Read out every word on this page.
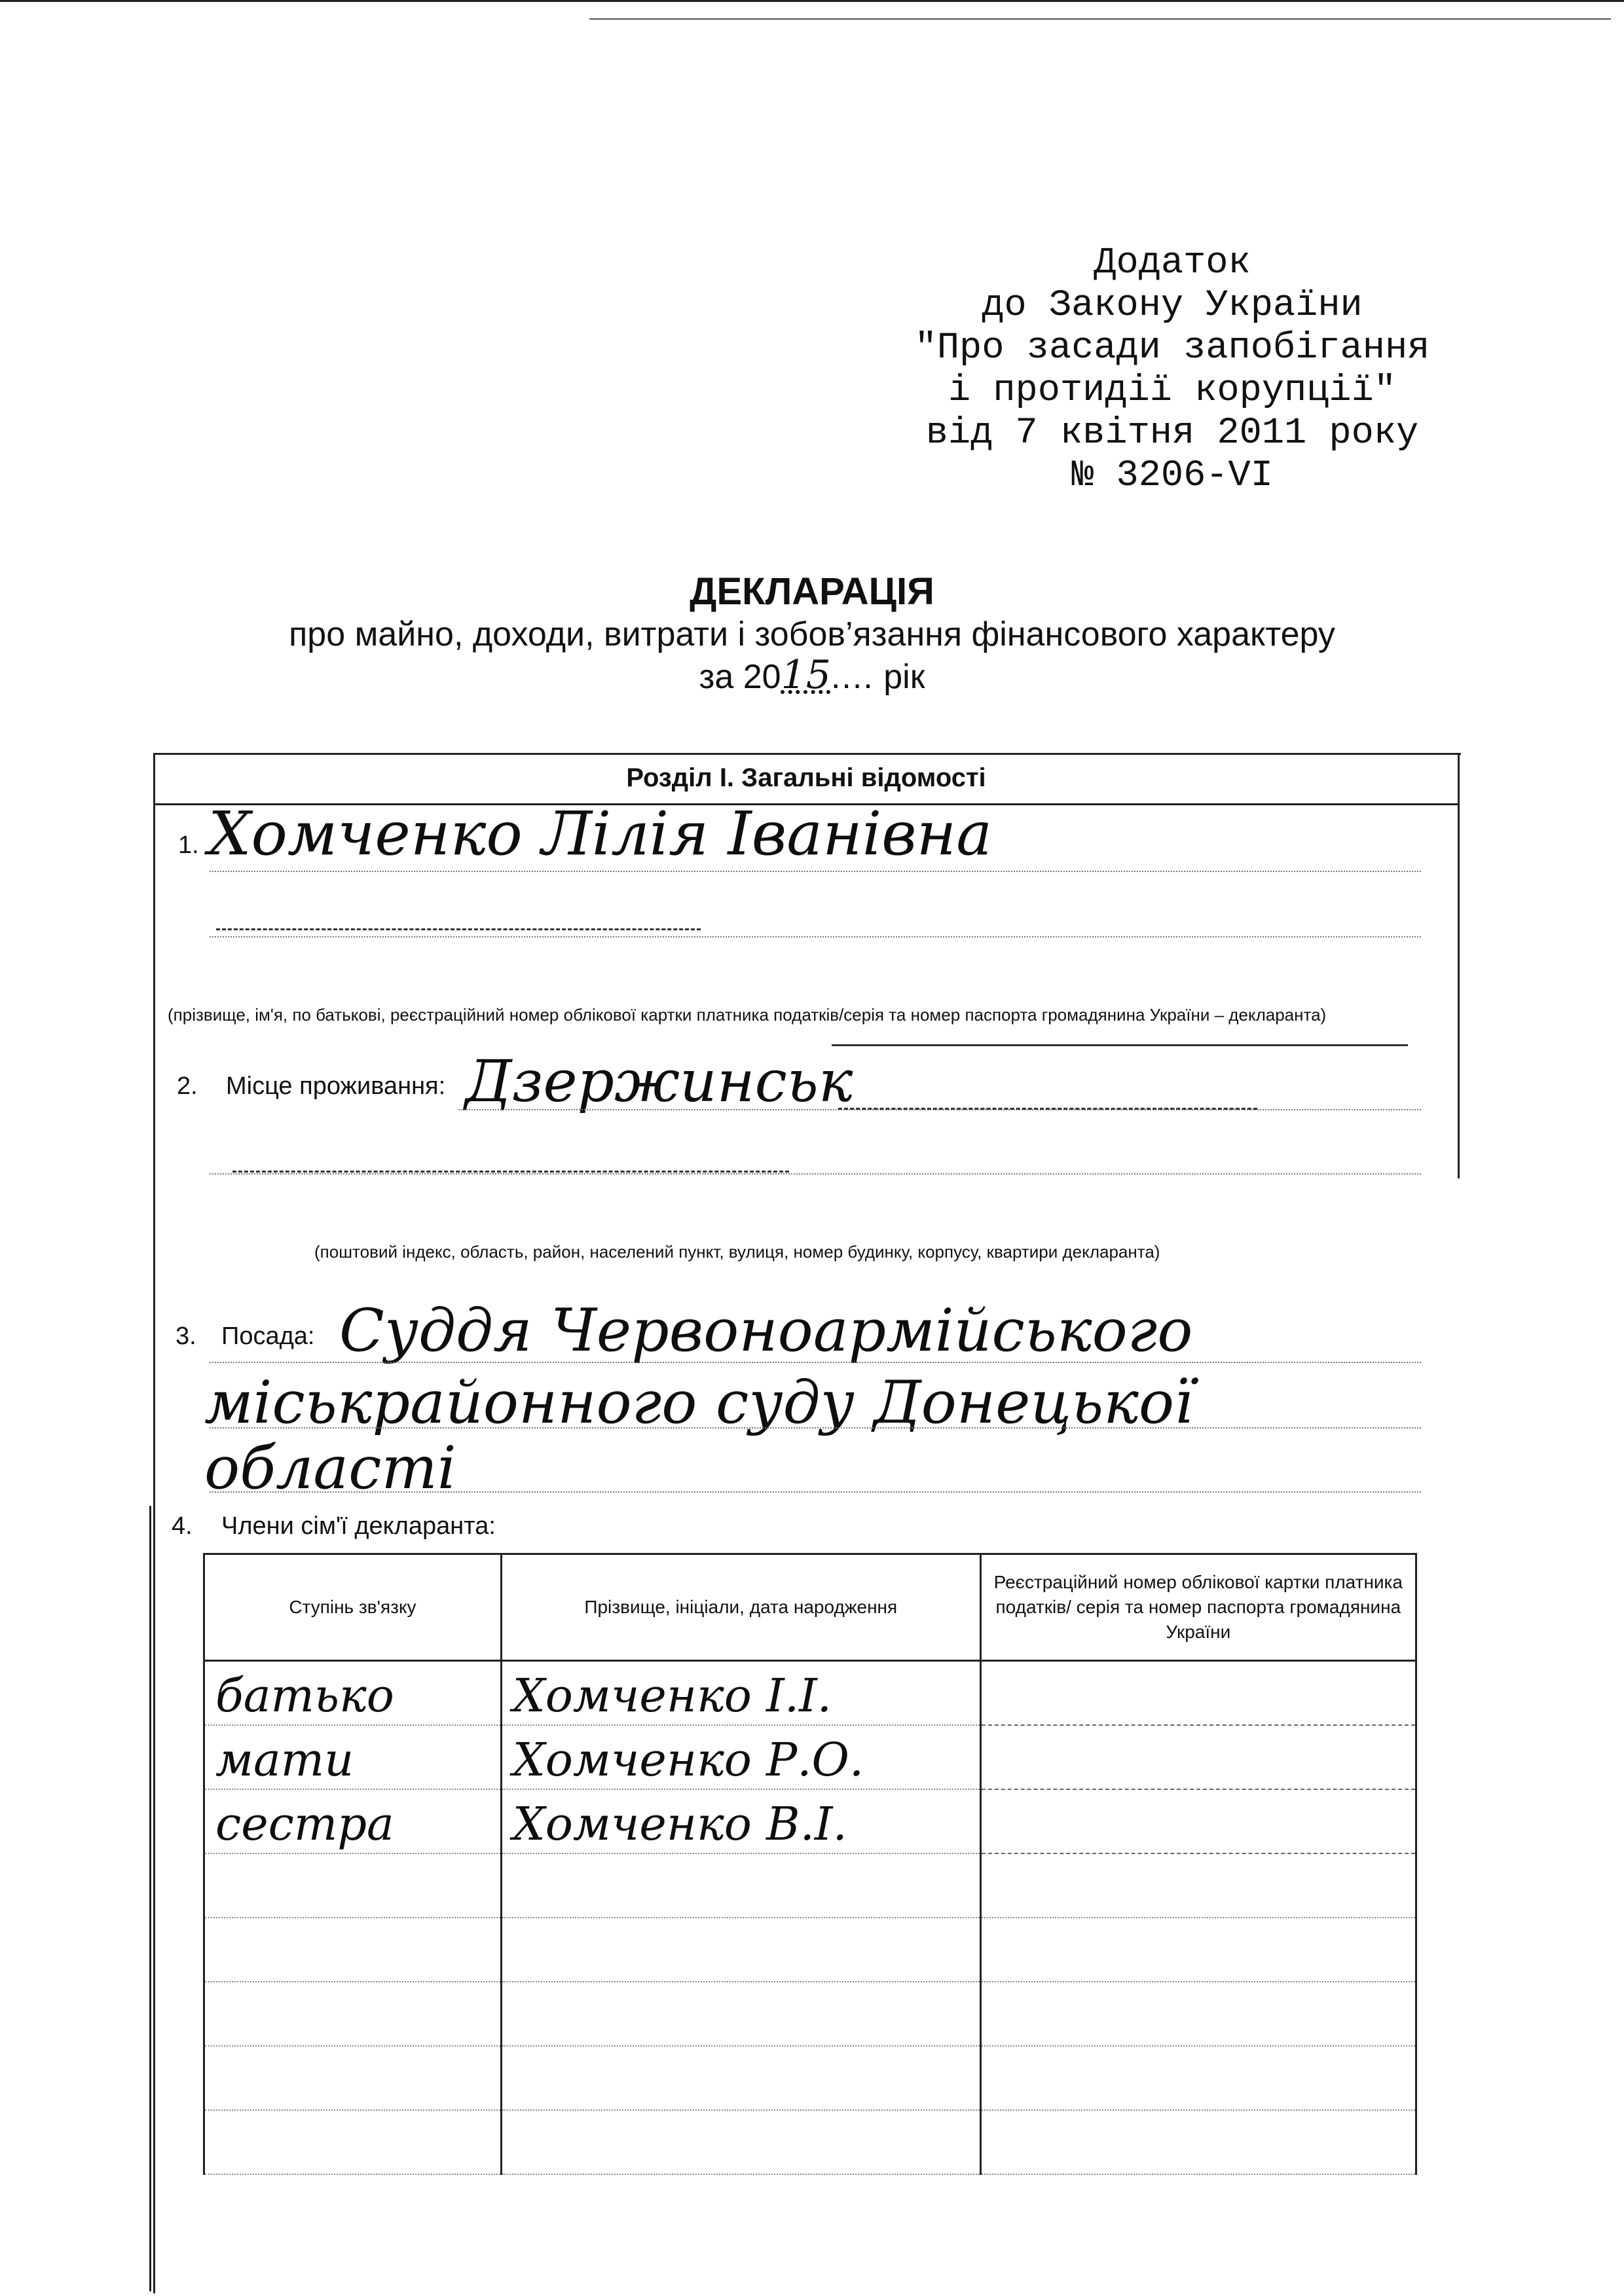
Додаток
до Закону України
"Про засади запобігання
і протидії корупції"
від 7 квітня 2011 року
№ 3206-VI
ДЕКЛАРАЦІЯ
про майно, доходи, витрати і зобов’язання фінансового характеру
за 2015.... рік
Розділ І. Загальні відомості
1. Хомченко Лілія Іванівна
(прізвище, ім'я, по батькові, реєстраційний номер облікової картки платника податків/серія та номер паспорта громадянина України – декларанта)
2. Місце проживання: Дзержинськ
(поштовий індекс, область, район, населений пункт, вулиця, номер будинку, корпусу, квартири декларанта)
3. Посада: Суддя Червоноармійського
міськрайонного суду Донецької
області
4. Члени сім'ї декларанта:
Ступінь зв'язку	Прізвище, ініціали, дата народження	Реєстраційний номер облікової картки платника податків/ серія та номер паспорта громадянина України
батько	Хомченко І.І.	
мати	Хомченко Р.О.	
сестра	Хомченко В.І.	
